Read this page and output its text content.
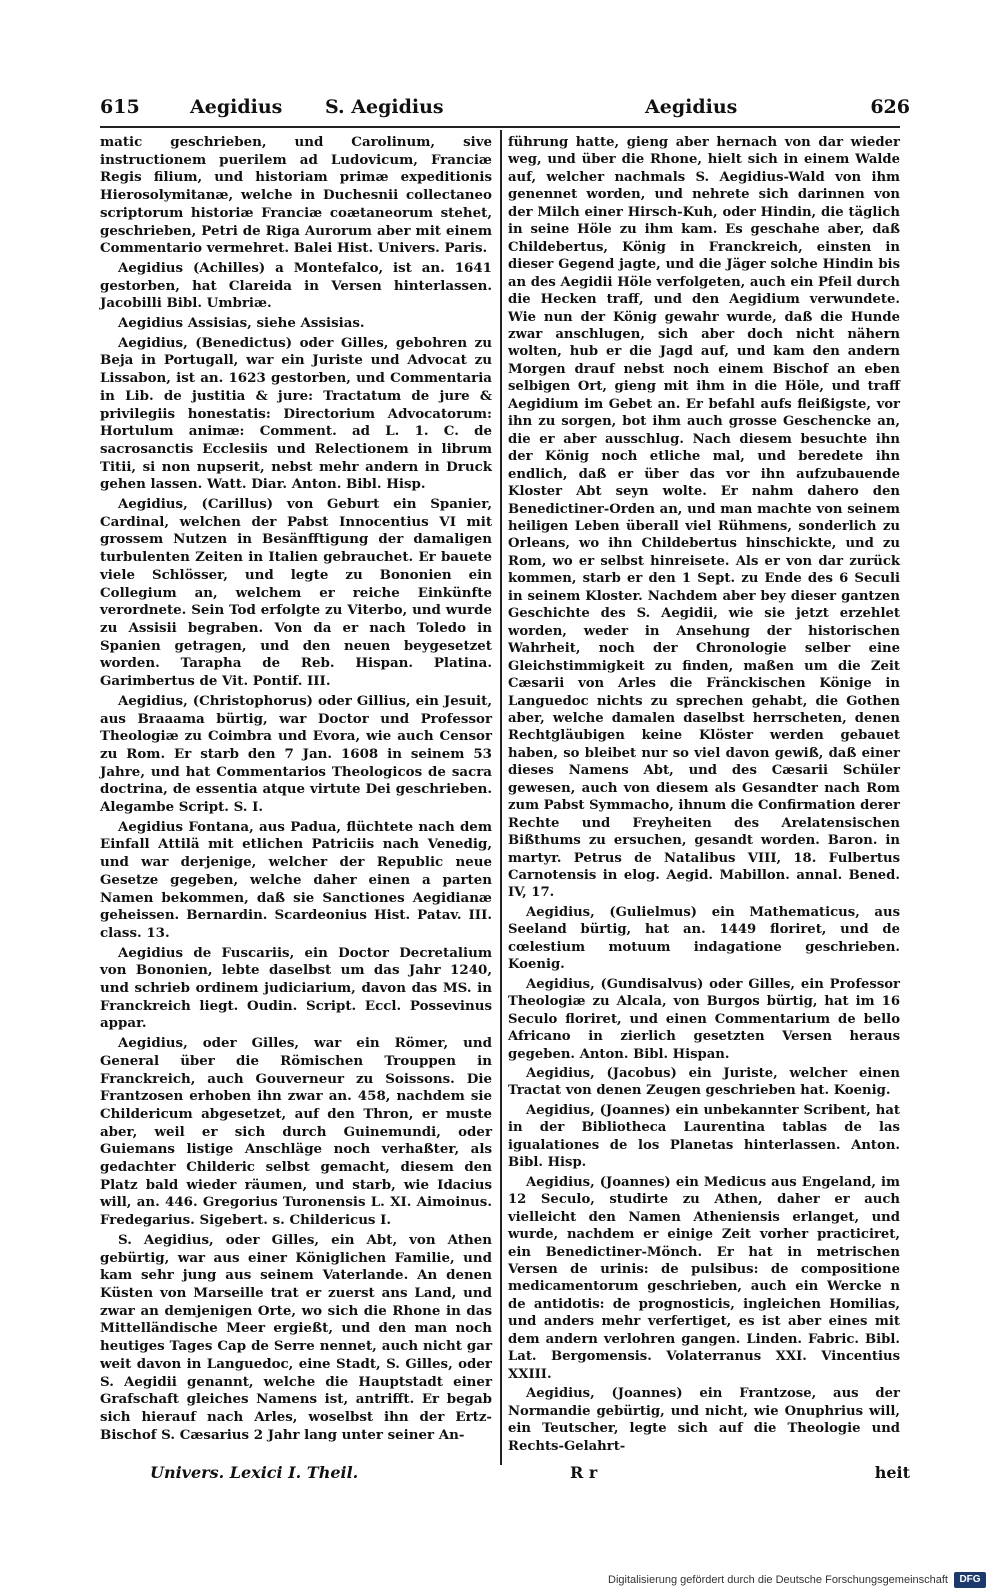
615	Aegidius S. Aegidius	Aegidius	626

matic geschrieben, und Carolinum, sive instructionem puerilem ad Ludovicum, Franciæ Regis filium, und historiam primæ expeditionis Hierosolymitanæ, welche in Duchesnii collectaneo scriptorum historiæ Franciæ coætaneorum stehet, geschrieben, Petri de Riga Aurorum aber mit einem Commentario vermehret. Balei Hist. Univers. Paris.

Aegidius (Achilles) a Montefalco, ist an. 1641 gestorben, hat Clareida in Versen hinterlassen. Jacobilli Bibl. Umbriæ.

Aegidius Assisias, siehe Assisias.

Aegidius, (Benedictus) oder Gilles, gebohren zu Beja in Portugall, war ein Juriste und Advocat zu Lissabon, ist an. 1623 gestorben, und Commentaria in Lib. de justitia & jure: Tractatum de jure & privilegiis honestatis: Directorium Advocatorum: Hortulum animæ: Comment. ad L. 1. C. de sacrosanctis Ecclesiis und Relectionem in librum Titii, si non nupserit, nebst mehr andern in Druck gehen lassen. Watt. Diar. Anton. Bibl. Hisp.

Aegidius, (Carillus) von Geburt ein Spanier, Cardinal, welchen der Pabst Innocentius VI mit grossem Nutzen in Besänfftigung der damaligen turbulenten Zeiten in Italien gebrauchet. Er bauete viele Schlösser, und legte zu Bononien ein Collegium an, welchem er reiche Einkünfte verordnete. Sein Tod erfolgte zu Viterbo, und wurde zu Assisii begraben. Von da er nach Toledo in Spanien getragen, und den neuen beygesetzet worden. Tarapha de Reb. Hispan. Platina. Garimbertus de Vit. Pontif. III.

Aegidius, (Christophorus) oder Gillius, ein Jesuit, aus Braaama bürtig, war Doctor und Professor Theologiæ zu Coimbra und Evora, wie auch Censor zu Rom. Er starb den 7 Jan. 1608 in seinem 53 Jahre, und hat Commentarios Theologicos de sacra doctrina, de essentia atque virtute Dei geschrieben. Alegambe Script. S. I.

Aegidius Fontana, aus Padua, flüchtete nach dem Einfall Attilä mit etlichen Patriciis nach Venedig, und war derjenige, welcher der Republic neue Gesetze gegeben, welche daher einen a parten Namen bekommen, daß sie Sanctiones Aegidianæ geheissen. Bernardin. Scardeonius Hist. Patav. III. class. 13.

Aegidius de Fuscariis, ein Doctor Decretalium von Bononien, lebte daselbst um das Jahr 1240, und schrieb ordinem judiciarium, davon das MS. in Franckreich liegt. Oudin. Script. Eccl. Possevinus appar.

Aegidius, oder Gilles, war ein Römer, und General über die Römischen Trouppen in Franckreich, auch Gouverneur zu Soissons. Die Frantzosen erhoben ihn zwar an. 458, nachdem sie Childericum abgesetzet, auf den Thron, er muste aber, weil er sich durch Guinemundi, oder Guiemans listige Anschläge noch verhaßter, als gedachter Childeric selbst gemacht, diesem den Platz bald wieder räumen, und starb, wie Idacius will, an. 446. Gregorius Turonensis L. XI. Aimoinus. Fredegarius. Sigebert. s. Childericus I.

S. Aegidius, oder Gilles, ein Abt, von Athen gebürtig, war aus einer Königlichen Familie, und kam sehr jung aus seinem Vaterlande. An denen Küsten von Marseille trat er zuerst ans Land, und zwar an demjenigen Orte, wo sich die Rhone in das Mittelländische Meer ergießt, und den man noch heutiges Tages Cap de Serre nennet, auch nicht gar weit davon in Languedoc, eine Stadt, S. Gilles, oder S. Aegidii genannt, welche die Hauptstadt einer Grafschaft gleiches Namens ist, antrifft. Er begab sich hierauf nach Arles, woselbst ihn der Ertz-Bischof S. Cæsarius 2 Jahr lang unter seiner An-

führung hatte, gieng aber hernach von dar wieder weg, und über die Rhone, hielt sich in einem Walde auf, welcher nachmals S. Aegidius-Wald von ihm genennet worden, und nehrete sich darinnen von der Milch einer Hirsch-Kuh, oder Hindin, die täglich in seine Höle zu ihm kam. Es geschahe aber, daß Childebertus, König in Franckreich, einsten in dieser Gegend jagte, und die Jäger solche Hindin bis an des Aegidii Höle verfolgeten, auch ein Pfeil durch die Hecken traff, und den Aegidium verwundete. Wie nun der König gewahr wurde, daß die Hunde zwar anschlugen, sich aber doch nicht nähern wolten, hub er die Jagd auf, und kam den andern Morgen drauf nebst noch einem Bischof an eben selbigen Ort, gieng mit ihm in die Höle, und traff Aegidium im Gebet an. Er befahl aufs fleißigste, vor ihn zu sorgen, bot ihm auch grosse Geschencke an, die er aber ausschlug. Nach diesem besuchte ihn der König noch etliche mal, und beredete ihn endlich, daß er über das vor ihn aufzubauende Kloster Abt seyn wolte. Er nahm dahero den Benedictiner-Orden an, und man machte von seinem heiligen Leben überall viel Rühmens, sonderlich zu Orleans, wo ihn Childebertus hinschickte, und zu Rom, wo er selbst hinreisete. Als er von dar zurück kommen, starb er den 1 Sept. zu Ende des 6 Seculi in seinem Kloster. Nachdem aber bey dieser gantzen Geschichte des S. Aegidii, wie sie jetzt erzehlet worden, weder in Ansehung der historischen Wahrheit, noch der Chronologie selber eine Gleichstimmigkeit zu finden, maßen um die Zeit Cæsarii von Arles die Fränckischen Könige in Languedoc nichts zu sprechen gehabt, die Gothen aber, welche damalen daselbst herrscheten, denen Rechtgläubigen keine Klöster werden gebauet haben, so bleibet nur so viel davon gewiß, daß einer dieses Namens Abt, und des Cæsarii Schüler gewesen, auch von diesem als Gesandter nach Rom zum Pabst Symmacho, ihnum die Confirmation derer Rechte und Freyheiten des Arelatensischen Bißthums zu ersuchen, gesandt worden. Baron. in martyr. Petrus de Natalibus VIII, 18. Fulbertus Carnotensis in elog. Aegid. Mabillon. annal. Bened. IV, 17.

Aegidius, (Gulielmus) ein Mathematicus, aus Seeland bürtig, hat an. 1449 floriret, und de cœlestium motuum indagatione geschrieben. Koenig.

Aegidius, (Gundisalvus) oder Gilles, ein Professor Theologiæ zu Alcala, von Burgos bürtig, hat im 16 Seculo floriret, und einen Commentarium de bello Africano in zierlich gesetzten Versen heraus gegeben. Anton. Bibl. Hispan.

Aegidius, (Jacobus) ein Juriste, welcher einen Tractat von denen Zeugen geschrieben hat. Koenig.

Aegidius, (Joannes) ein unbekannter Scribent, hat in der Bibliotheca Laurentina tablas de las igualationes de los Planetas hinterlassen. Anton. Bibl. Hisp.

Aegidius, (Joannes) ein Medicus aus Engeland, im 12 Seculo, studirte zu Athen, daher er auch vielleicht den Namen Atheniensis erlanget, und wurde, nachdem er einige Zeit vorher practiciret, ein Benedictiner-Mönch. Er hat in metrischen Versen de urinis: de pulsibus: de compositione medicamentorum geschrieben, auch ein Wercke n de antidotis: de prognosticis, ingleichen Homilias, und anders mehr verfertiget, es ist aber eines mit dem andern verlohren gangen. Linden. Fabric. Bibl. Lat. Bergomensis. Volaterranus XXI. Vincentius XXIII.

Aegidius, (Joannes) ein Frantzose, aus der Normandie gebürtig, und nicht, wie Onuphrius will, ein Teutscher, legte sich auf die Theologie und Rechts-Gelahrt-

Univers. Lexici I. Theil.	R r	heit
Digitalisierung gefördert durch die Deutsche Forschungsgemeinschaft	DFG
